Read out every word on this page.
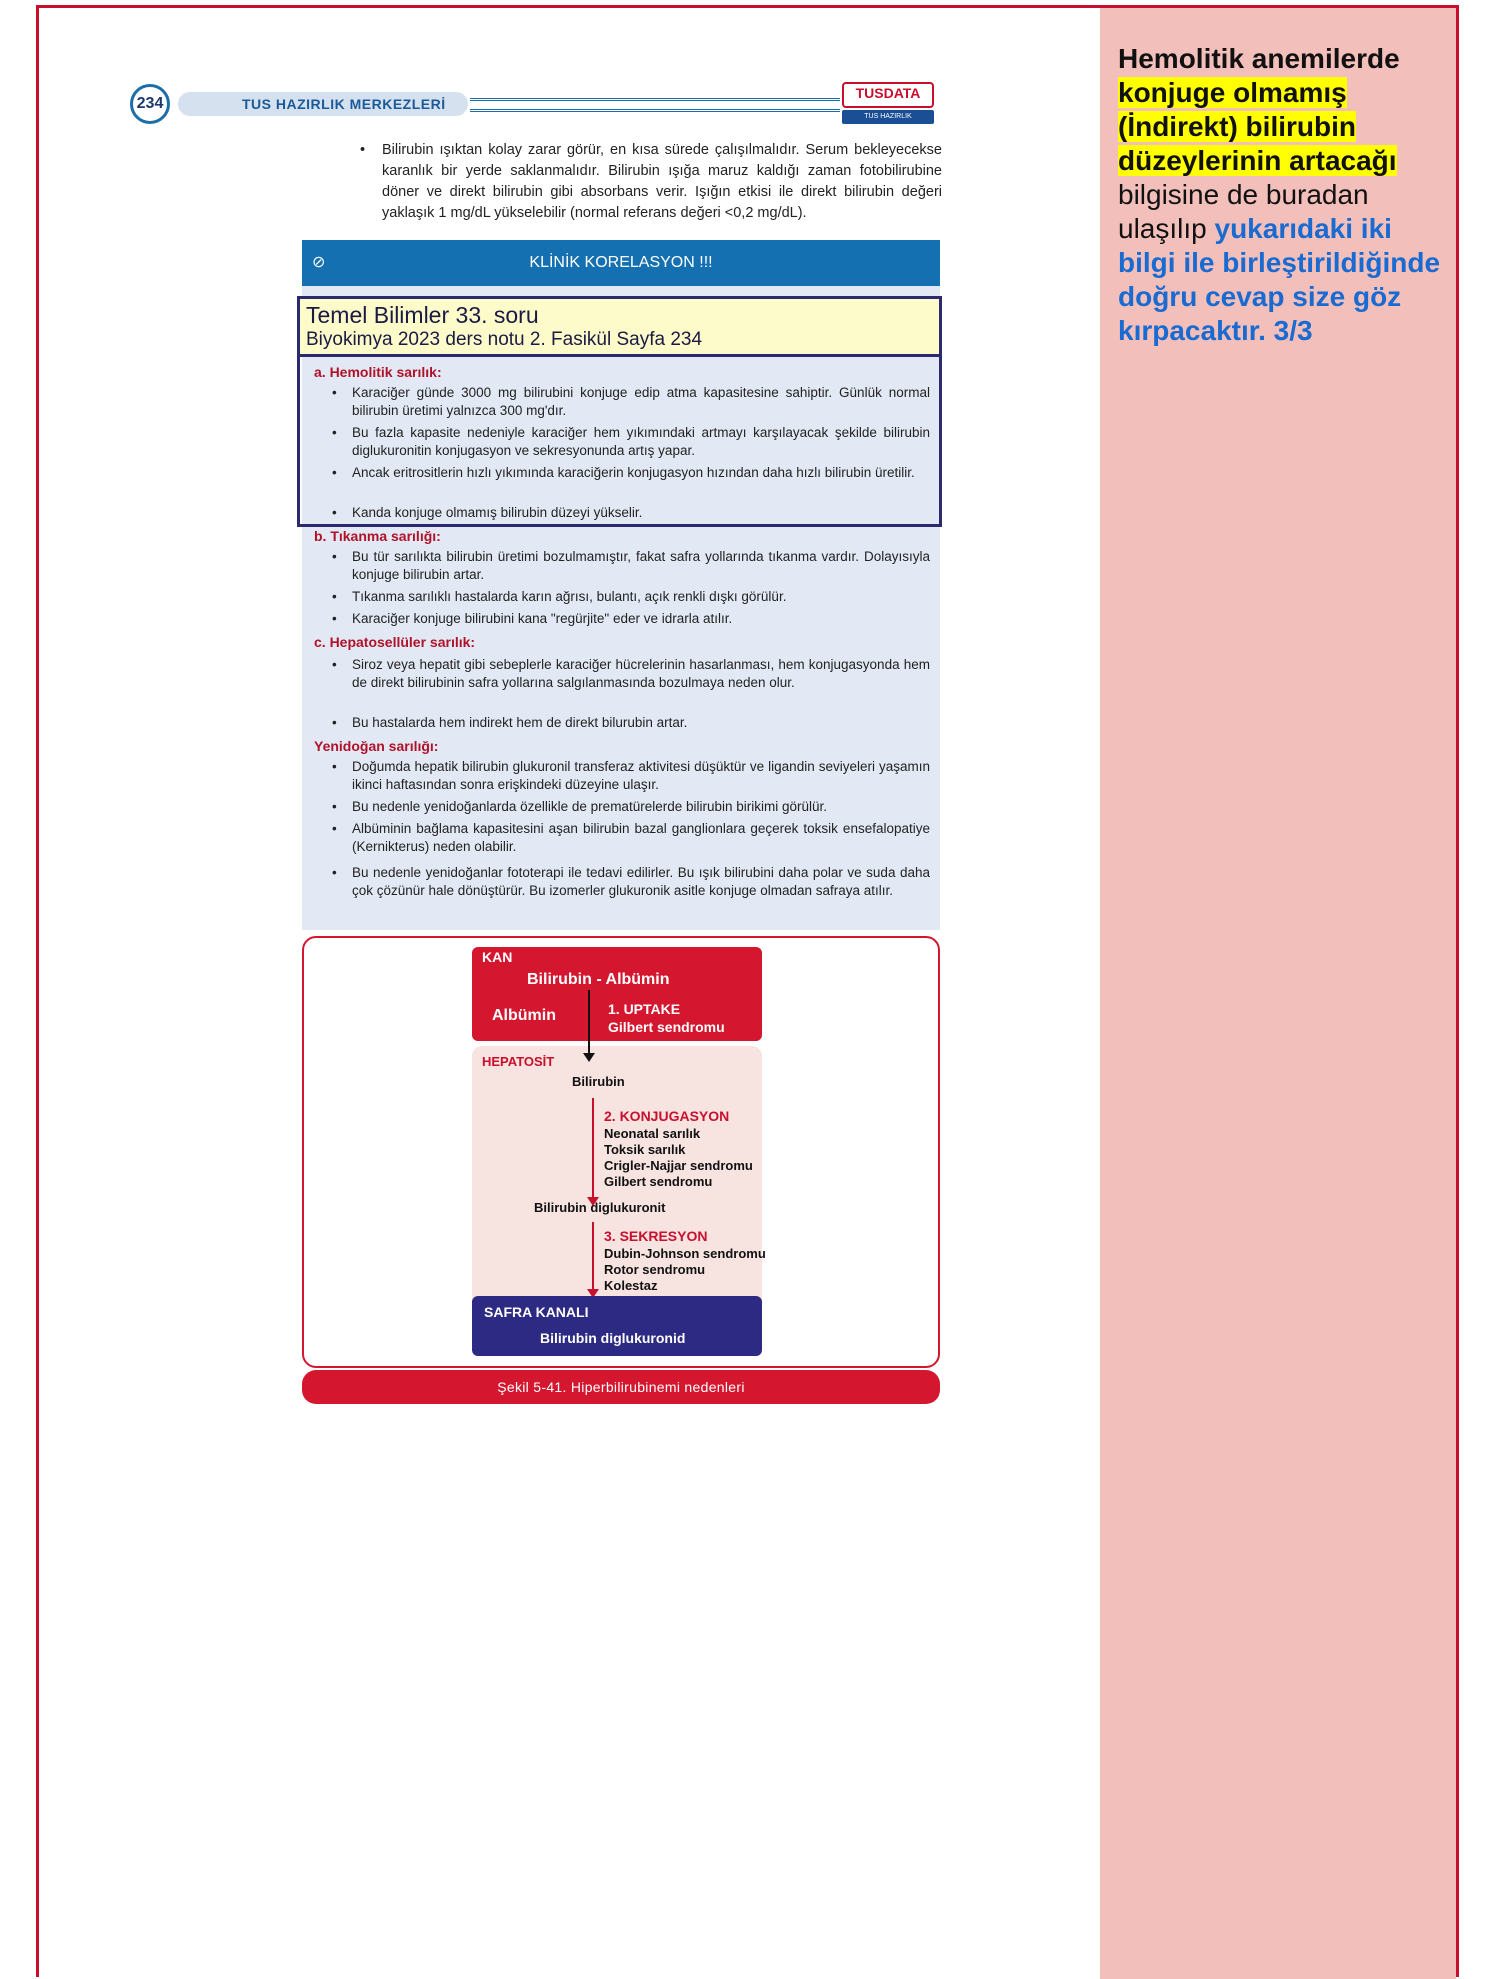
Hemolitik anemilerde konjuge olmamış (İndirekt) bilirubin düzeylerinin artacağı bilgisine de buradan ulaşılıp yukarıdaki iki bilgi ile birleştirildiğinde doğru cevap size göz kırpacaktır. 3/3
234	TUS HAZIRLIK MERKEZLERİ
TUSDATA
TUS HAZIRLIK MERKEZLERİ
• Bilirubin ışıktan kolay zarar görür, en kısa sürede çalışılmalıdır. Serum bekleyecekse karanlık bir yerde saklanmalıdır. Bilirubin ışığa maruz kaldığı zaman fotobilirubine döner ve direkt bilirubin gibi absorbans verir. Işığın etkisi ile direkt bilirubin değeri yaklaşık 1 mg/dL yükselebilir (normal referans değeri <0,2 mg/dL).
⊘	KLİNİK KORELASYON !!!
a. Hemolitik sarılık:
• Karaciğer günde 3000 mg bilirubini konjuge edip atma kapasitesine sahiptir. Günlük normal bilirubin üretimi yalnızca 300 mg'dır.
• Bu fazla kapasite nedeniyle karaciğer hem yıkımındaki artmayı karşılayacak şekilde bilirubin diglukuronitin konjugasyon ve sekresyonunda artış yapar.
• Ancak eritrositlerin hızlı yıkımında karaciğerin konjugasyon hızından daha hızlı bilirubin üretilir.
• Kanda konjuge olmamış bilirubin düzeyi yükselir.
Temel Bilimler 33. soru
Biyokimya 2023 ders notu 2. Fasikül Sayfa 234
b. Tıkanma sarılığı:
• Bu tür sarılıkta bilirubin üretimi bozulmamıştır, fakat safra yollarında tıkanma vardır. Dolayısıyla konjuge bilirubin artar.
• Tıkanma sarılıklı hastalarda karın ağrısı, bulantı, açık renkli dışkı görülür.
• Karaciğer konjuge bilirubini kana "regürjite" eder ve idrarla atılır.
c. Hepatosellüler sarılık:
• Siroz veya hepatit gibi sebeplerle karaciğer hücrelerinin hasarlanması, hem konjugasyonda hem de direkt bilirubinin safra yollarına salgılanmasında bozulmaya neden olur.
• Bu hastalarda hem indirekt hem de direkt bilurubin artar.
Yenidoğan sarılığı:
• Doğumda hepatik bilirubin glukuronil transferaz aktivitesi düşüktür ve ligandin seviyeleri yaşamın ikinci haftasından sonra erişkindeki düzeyine ulaşır.
• Bu nedenle yenidoğanlarda özellikle de prematürelerde bilirubin birikimi görülür.
• Albüminin bağlama kapasitesini aşan bilirubin bazal ganglionlara geçerek toksik ensefalopatiye (Kernikterus) neden olabilir.
• Bu nedenle yenidoğanlar fototerapi ile tedavi edilirler. Bu ışık bilirubini daha polar ve suda daha çok çözünür hale dönüştürür. Bu izomerler glukuronik asitle konjuge olmadan safraya atılır.
KAN
Bilirubin - Albümin
Albümin	1. UPTAKE
Gilbert sendromu
HEPATOSİT
Bilirubin
2. KONJUGASYON
Neonatal sarılık
Toksik sarılık
Crigler-Najjar sendromu
Gilbert sendromu
Bilirubin diglukuronit
3. SEKRESYON
Dubin-Johnson sendromu
Rotor sendromu
Kolestaz
SAFRA KANALI
Bilirubin diglukuronid
Şekil 5-41. Hiperbilirubinemi nedenleri
